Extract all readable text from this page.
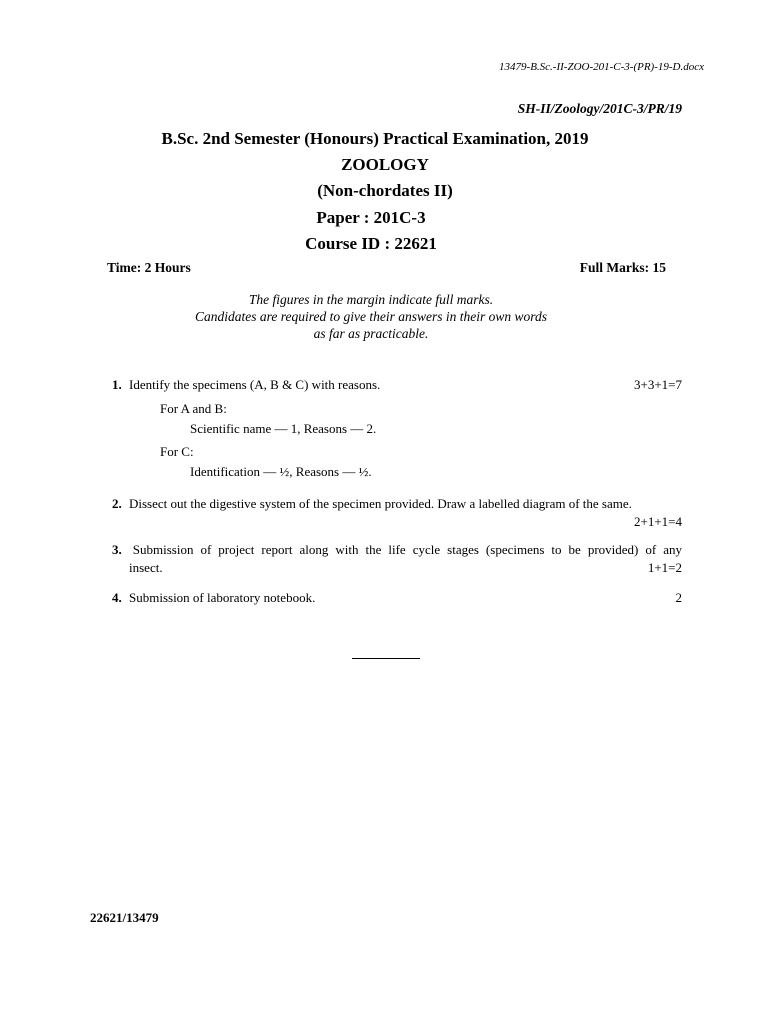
13479-B.Sc.-II-ZOO-201-C-3-(PR)-19-D.docx
SH-II/Zoology/201C-3/PR/19
B.Sc. 2nd Semester (Honours) Practical Examination, 2019
ZOOLOGY
(Non-chordates II)
Paper : 201C-3
Course ID : 22621
Time: 2 Hours	Full Marks: 15
The figures in the margin indicate full marks.
Candidates are required to give their answers in their own words
as far as practicable.
1. Identify the specimens (A, B & C) with reasons.	3+3+1=7
For A and B:
Scientific name — 1, Reasons — 2.
For C:
Identification — ½, Reasons — ½.
2. Dissect out the digestive system of the specimen provided. Draw a labelled diagram of the same.
2+1+1=4
3. Submission of project report along with the life cycle stages (specimens to be provided) of any
insect.	1+1=2
4. Submission of laboratory notebook.	2
22621/13479
